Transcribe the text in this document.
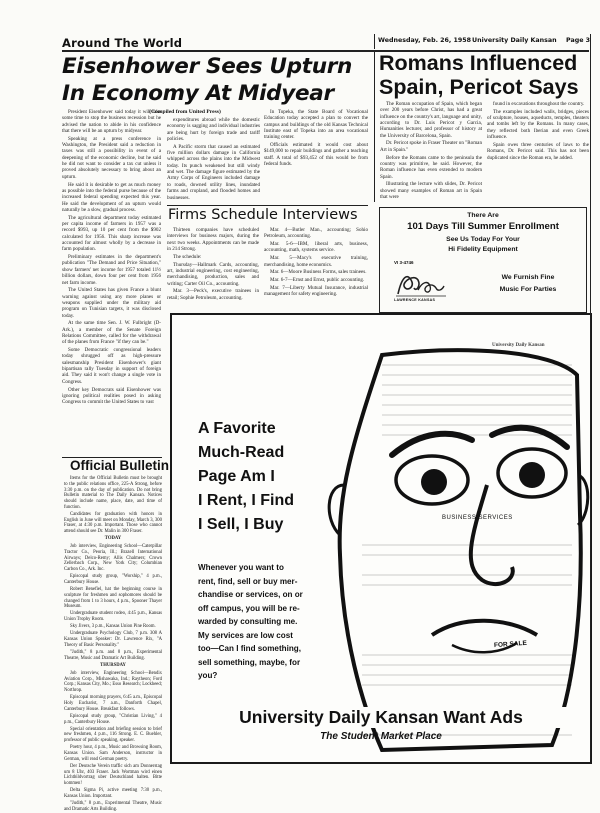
Around The World	Wednesday, Feb. 26, 1958 University Daily Kansan Page 3
Eisenhower Sees Upturn
In Economy At Midyear

President Eisenhower said today it will take some time to stop the business recession but he advised the nation to abide in his confidence that there will be an upturn by midyear.

Speaking at a press conference in Washington, the President said a reduction in taxes was still a possibility in event of a deepening of the economic decline, but he said he did not want to consider a tax cut unless it proved absolutely necessary to bring about an upturn.

He said it is desirable to get as much money as possible into the federal purse because of the increased federal spending expected this year. He said the development of an upturn would naturally be a slow, gradual process.

The agricultural department today estimated per capita income of farmers in 1957 was a record $993, up 10 per cent from the $902 calculated for 1956. This sharp increase was accounted for almost wholly by a decrease in farm population.

Preliminary estimates in the department's publication "The Demand and Price Situation," show farmers' net income for 1957 totaled 11½ billion dollars, down four per cent from 1956 net farm income.

The United States has given France a blunt warning against using any more planes or weapons supplied under the military aid program on Tunisian targets, it was disclosed today.

At the same time Sen. J. W. Fulbright (D-Ark.), a member of the Senate Foreign Relations Committee, called for the withdrawal of the planes from France "if they can be."

Some Democratic congressional leaders today shrugged off as high-pressure salesmanship President Eisenhower's giant bipartisan rally Tuesday in support of foreign aid. They said it won't change a single vote in Congress.

Other key Democrats said Eisenhower was ignoring political realities posed in asking Congress to commit the United States to vast

(Compiled from United Press)

expenditures abroad while the domestic economy is sagging and individual industries are being hurt by foreign trade and tariff policies.

A Pacific storm that caused an estimated five million dollars damage in California whipped across the plains into the Midwest today. Its punch weakened but still windy and wet. The damage figure estimated by the Army Corps of Engineers included damage to roads, downed utility lines, inundated farms and cropland, and flooded homes and businesses.

In Topeka, the State Board of Vocational Education today accepted a plan to convert the campus and buildings of the old Kansas Technical Institute east of Topeka into an area vocational training center.

Officials estimated it would cost about $149,000 to repair buildings and gather a teaching staff. A total of $93,452 of this would be from federal funds.

Firms Schedule Interviews

Thirteen companies have scheduled interviews for business majors, during the next two weeks. Appointments can be made in 214 Strong.

The schedule:

Thursday—Hallmark Cards, accounting, art, industrial engineering, cost engineering, merchandising, production, sales and writing; Carter Oil Co., accounting.

Mar. 3—Peck's, executive trainees in retail; Sophie Petroleum, accounting.

Mar. 4—Butler Man., accounting; Sohio Petroleum, accounting.

Mar. 5-6—IBM, liberal arts, business, accounting, math, systems service.

Mar. 5—Macy's executive training, merchandising, home economics.

Mar. 6—Moore Business Forms, sales trainees.

Mar. 6-7—Ernst and Ernst, public accounting.

Mar. 7—Liberty Mutual Insurance, industrial management for safety engineering.

Romans Influenced
Spain, Pericot Says

The Roman occupation of Spain, which began over 200 years before Christ, has had a great influence on the country's art, language and unity, according to Dr. Luis Pericot y Garcia, Humanities lecturer, and professor of history at the University of Barcelona, Spain.

Dr. Pericot spoke in Fraser Theater on "Roman Art in Spain."

Before the Romans came to the peninsula the country was primitive, he said. However, the Roman influence has even extended to modern Spain.

Illustrating the lecture with slides, Dr. Pericot showed many examples of Roman art in Spain that were

found in excavations throughout the country.

The examples included walls, bridges, pieces of sculpture, houses, aqueducts, temples, theaters and tombs left by the Romans. In many cases, they reflected both Iberian and even Greek influence.

Spain owes three centuries of laws to the Romans, Dr. Pericot said. This has not been duplicated since the Roman era, he added.

There Are
101 Days Till Summer Enrollment
See Us Today For Your
Hi Fidelity Equipment
VI 3-4746
LAWRENCE KANSAS
We Furnish Fine
Music For Parties
Official Bulletin

Items for the Official Bulletin must be brought to the public relations office, 225-A Strong, before 3:30 p.m. on the day of publication. Do not bring Bulletin material to The Daily Kansan. Notices should include name, place, date, and time of function.

Candidates for graduation with honors in English in June will meet on Monday, March 3, 300 Fraser, at 4:30 p.m. Important. Those who cannot attend should see Dr. Malin in 300 Fraser.

TODAY

Job interview, Engineering School—Caterpillar Tractor Co., Peoria, Ill.; Brazell International Airways; Delco-Remy; Allis Chalmers; Crown Zellerbach Corp., New York City; Columbian Carbon Co., Ark. Inc.

Episcopal study group, "Worship," 4 p.m., Canterbury House.

Robert Benefiel, hat the beginning course in sculpture for freshmen and sophomores should be changed from 1 to 3 hours, 4 p.m., Spooner Thayer Museum.

Undergraduate student rodeo, 4:45 p.m., Kansas Union Trophy Room.

Sky Jivers, 3 p.m., Kansas Union Pine Room.

Undergraduate Psychology Club, 7 p.m. 308 A Kansas Union Speaker: Dr. Lawrence Rix, "A Theory of Basic Personality."

"Judith," 8 p.m. and 8 p.m., Experimental Theatre, Music and Dramatic Art Building.

THURSDAY

Job interview, Engineering School—Bendix Aviation Corp., Mishawaka, Ind.; Raytheon; Ford Corp.; Kansas City, Mo.; Esso Research; Lockheed; Northrop.

Episcopal morning prayers, 6:45 a.m., Episcopal Holy Eucharist, 7 a.m., Danforth Chapel, Canterbury House. Breakfast follows.

Episcopal study group, "Christian Living," 4 p.m., Canterbury House.

Special orientation and briefing session to brief new freshmen, 4 p.m., 116 Strong. E. C. Buehler, professor of public speaking, speaker.

Poetry hour, 4 p.m., Music and Browsing Room, Kansas Union. Sam Anderson, instructor in German, will read German poetry.

Der Deutsche Verein traffic sich am Donnerstag um 8 Uhr, 403 Fraser. Jack Wortman wird einen Lichtbildvortrag uber Deutschland halten. Bitte kommen!

Delta Sigma Pi, active meeting 7:30 p.m., Kansas Union. Important.

"Judith," 8 p.m., Experimental Theatre, Music and Dramatic Arts Building.

University Daily Kansan
BUSINESS SERVICES
FOR SALE
A Favorite
Much-Read
Page Am I
I Rent, I Find
I Sell, I Buy
Whenever you want to
rent, find, sell or buy mer-
chandise or services, on or
off campus, you will be re-
warded by consulting me.
My services are low cost
too—Can I find something,
sell something, maybe, for
you?
University Daily Kansan Want Ads
The Student Market Place
